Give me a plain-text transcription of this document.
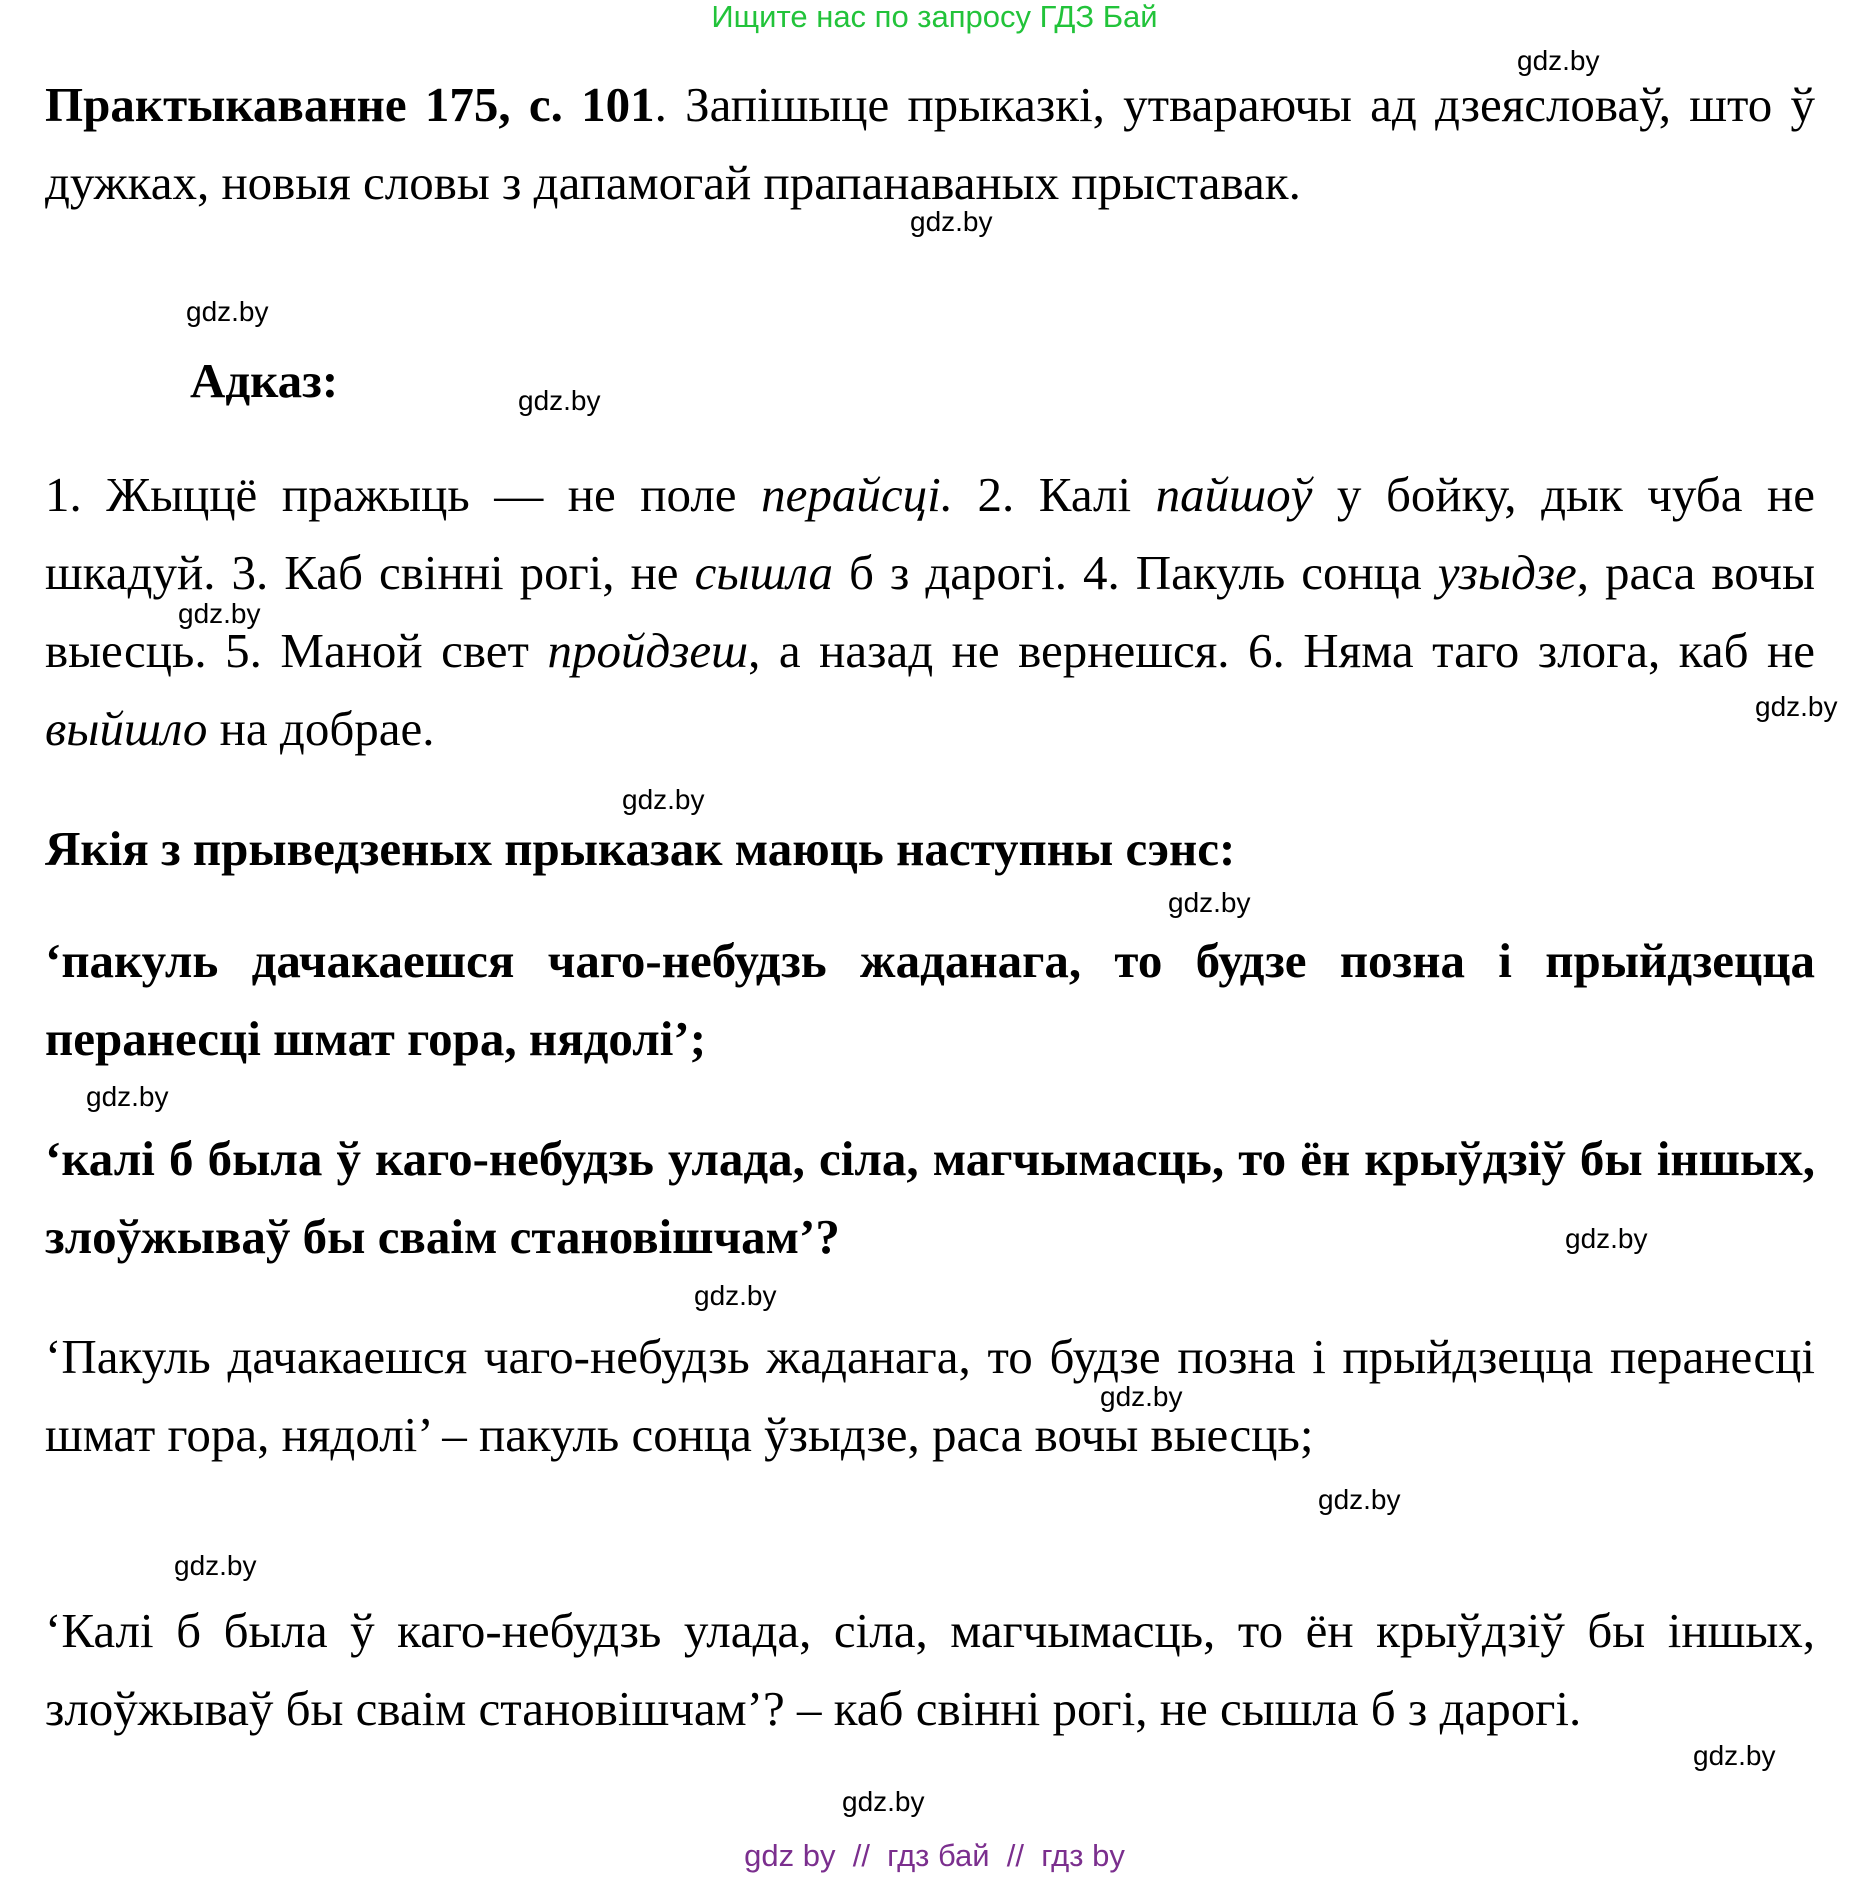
Ищите нас по запросу ГДЗ Бай
Практыкаванне 175, с. 101. Запішыце прыказкі, утвараючы ад дзеясловаў, што ў дужках, новыя словы з дапамогай прапанаваных прыставак.
Адказ:
1. Жыццё пражыць — не поле перайсці. 2. Калі пайшоў у бойку, дык чуба не шкадуй. 3. Каб свінні рогі, не сышла б з дарогі. 4. Пакуль сонца узыдзе, раса вочы выесць. 5. Маной свет пройдзеш, а назад не вернешся. 6. Няма таго злога, каб не выйшло на добрае.
Якія з прыведзеных прыказак маюць наступны сэнс:
‘пакуль дачакаешся чаго-небудзь жаданага, то будзе позна і прыйдзецца перанесці шмат гора, нядолі’;
‘калі б была ў каго-небудзь улада, сіла, магчымасць, то ён крыўдзіў бы іншых, злоўжываў бы сваім становішчам’?
‘Пакуль дачакаешся чаго-небудзь жаданага, то будзе позна і прыйдзецца перанесці шмат гора, нядолі’ – пакуль сонца ўзыдзе, раса вочы выесць;
‘Калі б была ў каго-небудзь улада, сіла, магчымасць, то ён крыўдзіў бы іншых, злоўжываў бы сваім становішчам’? – каб свінні рогі, не сышла б з дарогі.
gdz.by
gdz.by
gdz.by
gdz.by
gdz.by
gdz.by
gdz.by
gdz.by
gdz.by
gdz.by
gdz.by
gdz.by
gdz.by
gdz.by
gdz.by
gdz.by
gdz by  //  гдз бай  //  гдз by
